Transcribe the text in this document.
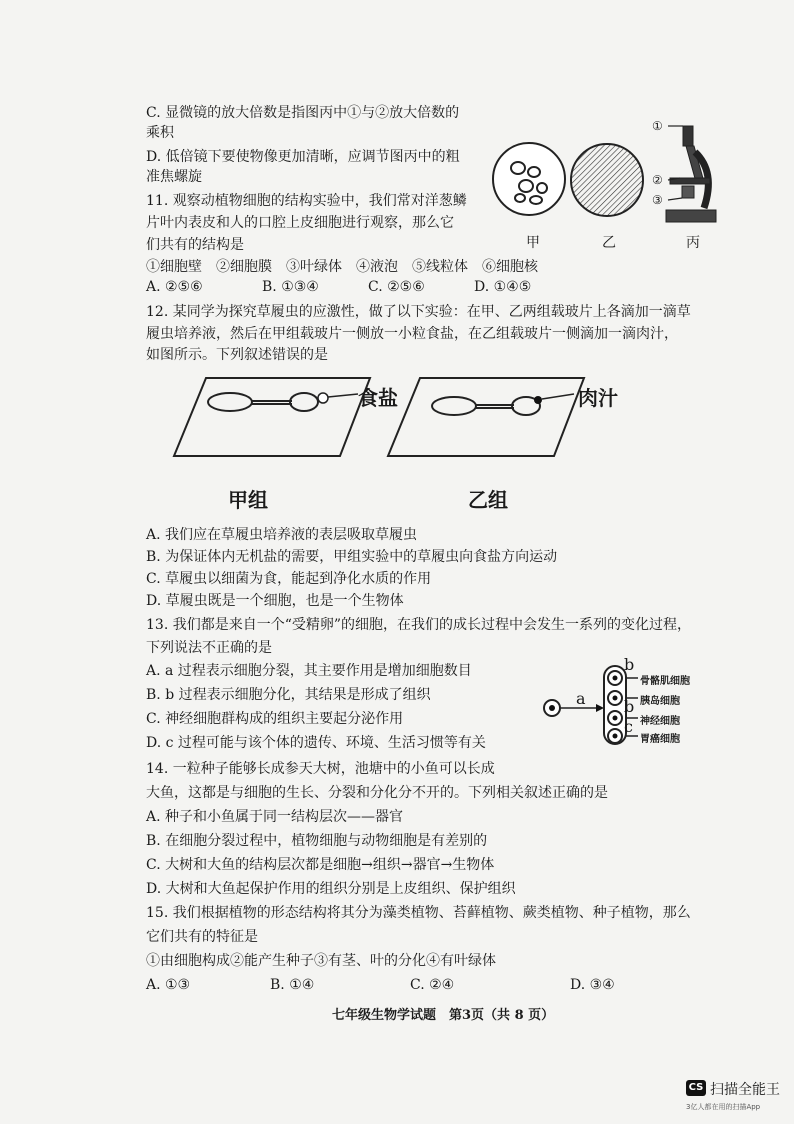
C. 显微镜的放大倍数是指图丙中①与②放大倍数的
乘积
D. 低倍镜下要使物像更加清晰，应调节图丙中的粗
准焦螺旋
11. 观察动植物细胞的结构实验中，我们常对洋葱鳞
片叶内表皮和人的口腔上皮细胞进行观察，那么它
们共有的结构是
①细胞壁　②细胞膜　③叶绿体　④液泡　⑤线粒体　⑥细胞核
A. ②⑤⑥	B. ①③④	C. ②⑤⑥	D. ①④⑤
①
②
③
甲	乙	丙
12. 某同学为探究草履虫的应激性，做了以下实验：在甲、乙两组载玻片上各滴加一滴草
履虫培养液，然后在甲组载玻片一侧放一小粒食盐，在乙组载玻片一侧滴加一滴肉汁，
如图所示。下列叙述错误的是
食盐	肉汁
甲组	乙组
A. 我们应在草履虫培养液的表层吸取草履虫
B. 为保证体内无机盐的需要，甲组实验中的草履虫向食盐方向运动
C. 草履虫以细菌为食，能起到净化水质的作用
D. 草履虫既是一个细胞，也是一个生物体
13. 我们都是来自一个“受精卵”的细胞，在我们的成长过程中会发生一系列的变化过程，
下列说法不正确的是
A. a 过程表示细胞分裂，其主要作用是增加细胞数目
B. b 过程表示细胞分化，其结果是形成了组织
C. 神经细胞群构成的组织主要起分泌作用
D. c 过程可能与该个体的遗传、环境、生活习惯等有关
a
b
b
c
骨骼肌细胞
胰岛细胞
神经细胞
胃癌细胞
14. 一粒种子能够长成参天大树，池塘中的小鱼可以长成
大鱼，这都是与细胞的生长、分裂和分化分不开的。下列相关叙述正确的是
A. 种子和小鱼属于同一结构层次——器官
B. 在细胞分裂过程中，植物细胞与动物细胞是有差别的
C. 大树和大鱼的结构层次都是细胞→组织→器官→生物体
D. 大树和大鱼起保护作用的组织分别是上皮组织、保护组织
15. 我们根据植物的形态结构将其分为藻类植物、苔藓植物、蕨类植物、种子植物，那么
它们共有的特征是
①由细胞构成②能产生种子③有茎、叶的分化④有叶绿体
A. ①③	B. ①④	C. ②④	D. ③④
七年级生物学试题　第3页（共 8 页）
CS 扫描全能王
3亿人都在用的扫描App
